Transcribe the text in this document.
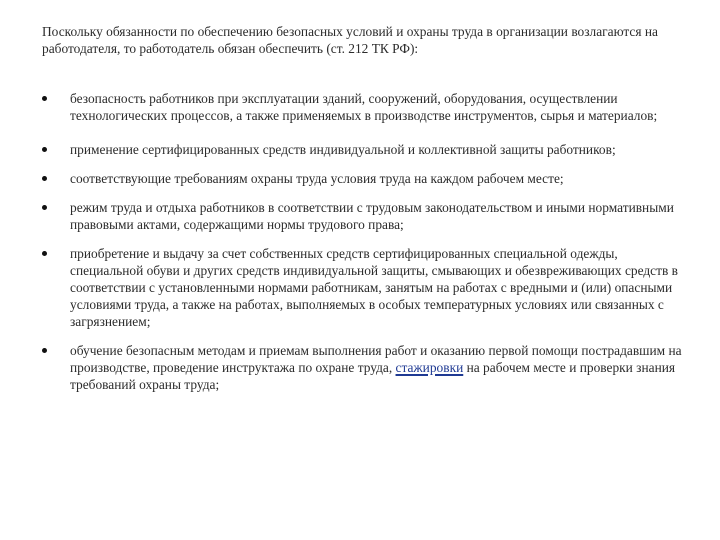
Поскольку обязанности по обеспечению безопасных условий и охраны труда в организации возлагаются на работодателя, то работодатель обязан обеспечить (ст. 212 ТК РФ):

безопасность работников при эксплуатации зданий, сооружений, оборудования, осуществлении технологических процессов, а также применяемых в производстве инструментов, сырья и материалов;
применение сертифицированных средств индивидуальной и коллективной защиты работников;
соответствующие требованиям охраны труда условия труда на каждом рабочем месте;
режим труда и отдыха работников в соответствии с трудовым законодательством и иными нормативными правовыми актами, содержащими нормы трудового права;
приобретение и выдачу за счет собственных средств сертифицированных специальной одежды, специальной обуви и других средств индивидуальной защиты, смывающих и обезвреживающих средств в соответствии с установленными нормами работникам, занятым на работах с вредными и (или) опасными условиями труда, а также на работах, выполняемых в особых температурных условиях или связанных с загрязнением;
обучение безопасным методам и приемам выполнения работ и оказанию первой помощи пострадавшим на производстве, проведение инструктажа по охране труда, стажировки на рабочем месте и проверки знания требований охраны труда;
